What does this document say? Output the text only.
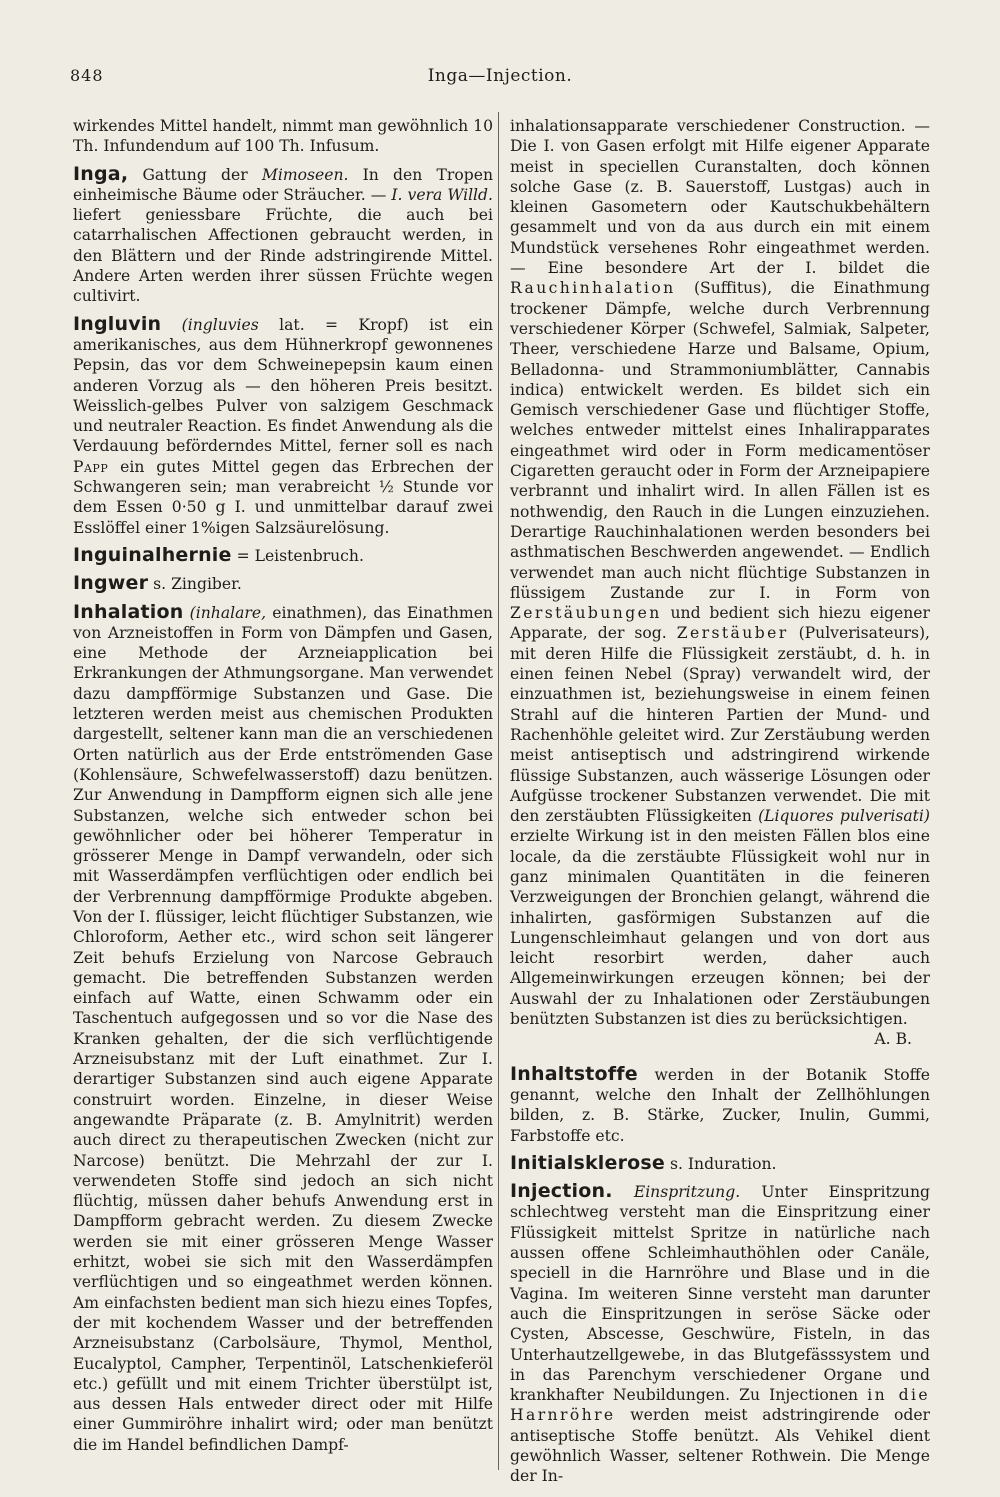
848	Inga—Injection.

wirkendes Mittel handelt, nimmt man gewöhnlich 10 Th. Infundendum auf 100 Th. Infusum.

Inga, Gattung der Mimoseen. In den Tropen einheimische Bäume oder Sträucher. — I. vera Willd. liefert geniessbare Früchte, die auch bei catarrhalischen Affectionen gebraucht werden, in den Blättern und der Rinde adstringirende Mittel. Andere Arten werden ihrer süssen Früchte wegen cultivirt.

Ingluvin (ingluvies lat. = Kropf) ist ein amerikanisches, aus dem Hühnerkropf gewonnenes Pepsin, das vor dem Schweinepepsin kaum einen anderen Vorzug als — den höheren Preis besitzt. Weisslich-gelbes Pulver von salzigem Geschmack und neutraler Reaction. Es findet Anwendung als die Verdauung beförderndes Mittel, ferner soll es nach Papp ein gutes Mittel gegen das Erbrechen der Schwangeren sein; man verabreicht ½ Stunde vor dem Essen 0·50 g I. und unmittelbar darauf zwei Esslöffel einer 1%igen Salzsäurelösung.

Inguinalhernie = Leistenbruch.

Ingwer s. Zingiber.

Inhalation (inhalare, einathmen), das Einathmen von Arzneistoffen in Form von Dämpfen und Gasen, eine Methode der Arzneiapplication bei Erkrankungen der Athmungsorgane. Man verwendet dazu dampfförmige Substanzen und Gase. Die letzteren werden meist aus chemischen Produkten dargestellt, seltener kann man die an verschiedenen Orten natürlich aus der Erde entströmenden Gase (Kohlensäure, Schwefelwasserstoff) dazu benützen. Zur Anwendung in Dampfform eignen sich alle jene Substanzen, welche sich entweder schon bei gewöhnlicher oder bei höherer Temperatur in grösserer Menge in Dampf verwandeln, oder sich mit Wasserdämpfen verflüchtigen oder endlich bei der Verbrennung dampfförmige Produkte abgeben. Von der I. flüssiger, leicht flüchtiger Substanzen, wie Chloroform, Aether etc., wird schon seit längerer Zeit behufs Erzielung von Narcose Gebrauch gemacht. Die betreffenden Substanzen werden einfach auf Watte, einen Schwamm oder ein Taschentuch aufgegossen und so vor die Nase des Kranken gehalten, der die sich verflüchtigende Arzneisubstanz mit der Luft einathmet. Zur I. derartiger Substanzen sind auch eigene Apparate construirt worden. Einzelne, in dieser Weise angewandte Präparate (z. B. Amylnitrit) werden auch direct zu therapeutischen Zwecken (nicht zur Narcose) benützt. Die Mehrzahl der zur I. verwendeten Stoffe sind jedoch an sich nicht flüchtig, müssen daher behufs Anwendung erst in Dampfform gebracht werden. Zu diesem Zwecke werden sie mit einer grösseren Menge Wasser erhitzt, wobei sie sich mit den Wasserdämpfen verflüchtigen und so eingeathmet werden können. Am einfachsten bedient man sich hiezu eines Topfes, der mit kochendem Wasser und der betreffenden Arzneisubstanz (Carbolsäure, Thymol, Menthol, Eucalyptol, Campher, Terpentinöl, Latschenkieferöl etc.) gefüllt und mit einem Trichter überstülpt ist, aus dessen Hals entweder direct oder mit Hilfe einer Gummiröhre inhalirt wird; oder man benützt die im Handel befindlichen Dampf-

inhalationsapparate verschiedener Construction. — Die I. von Gasen erfolgt mit Hilfe eigener Apparate meist in speciellen Curanstalten, doch können solche Gase (z. B. Sauerstoff, Lustgas) auch in kleinen Gasometern oder Kautschukbehältern gesammelt und von da aus durch ein mit einem Mundstück versehenes Rohr eingeathmet werden. — Eine besondere Art der I. bildet die Rauchinhalation (Suffitus), die Einathmung trockener Dämpfe, welche durch Verbrennung verschiedener Körper (Schwefel, Salmiak, Salpeter, Theer, verschiedene Harze und Balsame, Opium, Belladonna- und Strammoniumblätter, Cannabis indica) entwickelt werden. Es bildet sich ein Gemisch verschiedener Gase und flüchtiger Stoffe, welches entweder mittelst eines Inhalirapparates eingeathmet wird oder in Form medicamentöser Cigaretten geraucht oder in Form der Arzneipapiere verbrannt und inhalirt wird. In allen Fällen ist es nothwendig, den Rauch in die Lungen einzuziehen. Derartige Rauchinhalationen werden besonders bei asthmatischen Beschwerden angewendet. — Endlich verwendet man auch nicht flüchtige Substanzen in flüssigem Zustande zur I. in Form von Zerstäubungen und bedient sich hiezu eigener Apparate, der sog. Zerstäuber (Pulverisateurs), mit deren Hilfe die Flüssigkeit zerstäubt, d. h. in einen feinen Nebel (Spray) verwandelt wird, der einzuathmen ist, beziehungsweise in einem feinen Strahl auf die hinteren Partien der Mund- und Rachenhöhle geleitet wird. Zur Zerstäubung werden meist antiseptisch und adstringirend wirkende flüssige Substanzen, auch wässerige Lösungen oder Aufgüsse trockener Substanzen verwendet. Die mit den zerstäubten Flüssigkeiten (Liquores pulverisati) erzielte Wirkung ist in den meisten Fällen blos eine locale, da die zerstäubte Flüssigkeit wohl nur in ganz minimalen Quantitäten in die feineren Verzweigungen der Bronchien gelangt, während die inhalirten, gasförmigen Substanzen auf die Lungenschleimhaut gelangen und von dort aus leicht resorbirt werden, daher auch Allgemeinwirkungen erzeugen können; bei der Auswahl der zu Inhalationen oder Zerstäubungen benützten Substanzen ist dies zu berücksichtigen.

A. B.

Inhaltstoffe werden in der Botanik Stoffe genannt, welche den Inhalt der Zellhöhlungen bilden, z. B. Stärke, Zucker, Inulin, Gummi, Farbstoffe etc.

Initialsklerose s. Induration.

Injection. Einspritzung. Unter Einspritzung schlechtweg versteht man die Einspritzung einer Flüssigkeit mittelst Spritze in natürliche nach aussen offene Schleimhauthöhlen oder Canäle, speciell in die Harnröhre und Blase und in die Vagina. Im weiteren Sinne versteht man darunter auch die Einspritzungen in seröse Säcke oder Cysten, Abscesse, Geschwüre, Fisteln, in das Unterhautzellgewebe, in das Blutgefässsystem und in das Parenchym verschiedener Organe und krankhafter Neubildungen. Zu Injectionen in die Harnröhre werden meist adstringirende oder antiseptische Stoffe benützt. Als Vehikel dient gewöhnlich Wasser, seltener Rothwein. Die Menge der In-
